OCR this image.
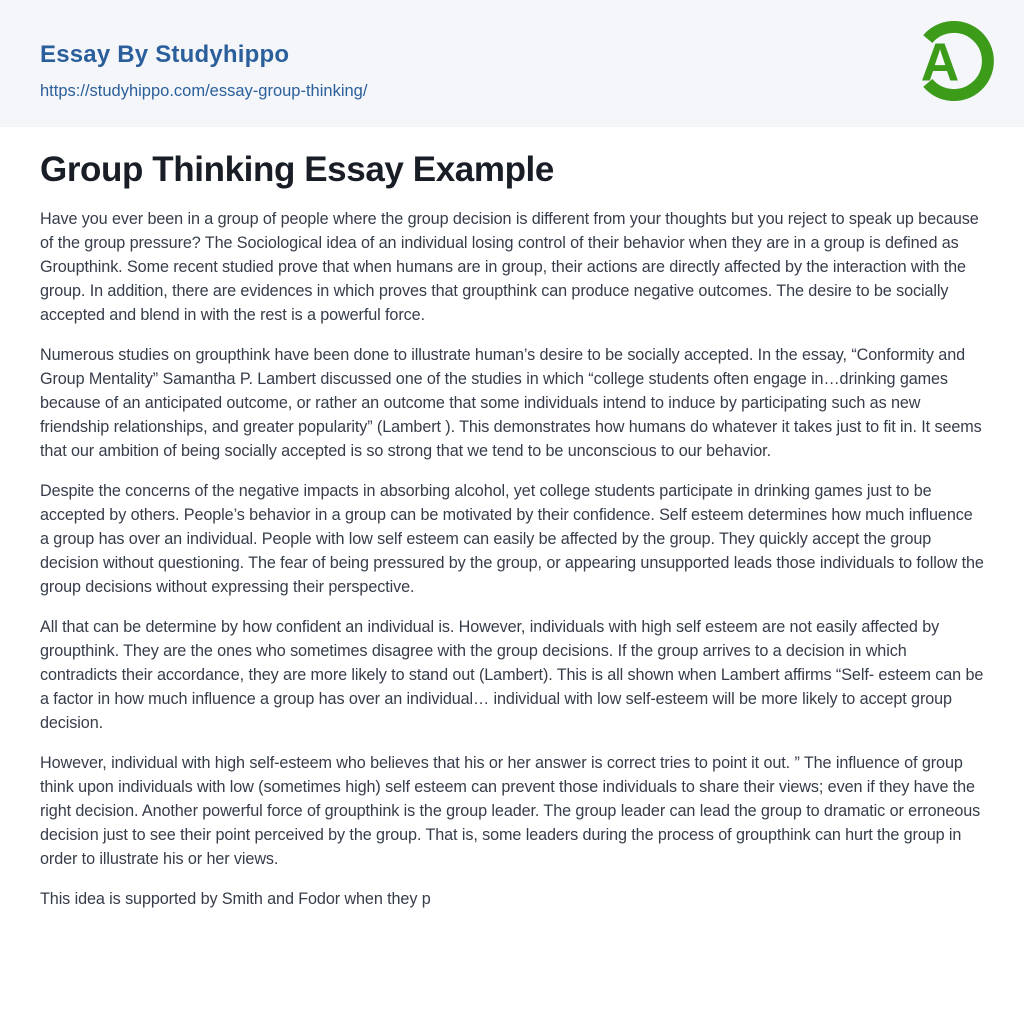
Essay By Studyhippo
https://studyhippo.com/essay-group-thinking/	A
Group Thinking Essay Example

Have you ever been in a group of people where the group decision is different from your thoughts but you reject to speak up because of the group pressure? The Sociological idea of an individual losing control of their behavior when they are in a group is defined as Groupthink. Some recent studied prove that when humans are in group, their actions are directly affected by the interaction with the group. In addition, there are evidences in which proves that groupthink can produce negative outcomes. The desire to be socially accepted and blend in with the rest is a powerful force.

Numerous studies on groupthink have been done to illustrate human’s desire to be socially accepted. In the essay, “Conformity and Group Mentality” Samantha P. Lambert discussed one of the studies in which “college students often engage in…drinking games because of an anticipated outcome, or rather an outcome that some individuals intend to induce by participating such as new friendship relationships, and greater popularity” (Lambert ). This demonstrates how humans do whatever it takes just to fit in. It seems that our ambition of being socially accepted is so strong that we tend to be unconscious to our behavior.

Despite the concerns of the negative impacts in absorbing alcohol, yet college students participate in drinking games just to be accepted by others. People’s behavior in a group can be motivated by their confidence. Self esteem determines how much influence a group has over an individual. People with low self esteem can easily be affected by the group. They quickly accept the group decision without questioning. The fear of being pressured by the group, or appearing unsupported leads those individuals to follow the group decisions without expressing their perspective.

All that can be determine by how confident an individual is. However, individuals with high self esteem are not easily affected by groupthink. They are the ones who sometimes disagree with the group decisions. If the group arrives to a decision in which contradicts their accordance, they are more likely to stand out (Lambert). This is all shown when Lambert affirms “Self- esteem can be a factor in how much influence a group has over an individual… individual with low self-esteem will be more likely to accept group decision.

However, individual with high self-esteem who believes that his or her answer is correct tries to point it out. ” The influence of group think upon individuals with low (sometimes high) self esteem can prevent those individuals to share their views; even if they have the right decision. Another powerful force of groupthink is the group leader. The group leader can lead the group to dramatic or erroneous decision just to see their point perceived by the group. That is, some leaders during the process of groupthink can hurt the group in order to illustrate his or her views.

This idea is supported by Smith and Fodor when they p
